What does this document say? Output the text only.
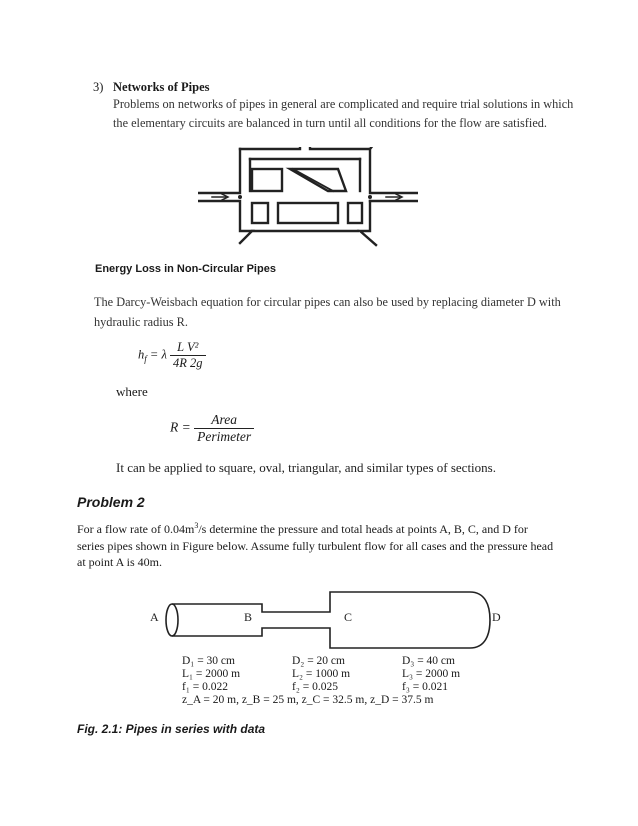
3) Networks of Pipes
Problems on networks of pipes in general are complicated and require trial solutions in which the elementary circuits are balanced in turn until all conditions for the flow are satisfied.
Energy Loss in Non-Circular Pipes
The Darcy-Weisbach equation for circular pipes can also be used by replacing diameter D with hydraulic radius R.
$h_f = \lambda \frac{\text{L V²}}{4R 2g}$
where
$R = \frac{\text{Area}}{\text{Perimeter}}$
It can be applied to square, oval, triangular, and similar types of sections.
Problem 2
For a flow rate of $0.04m^3/s$ determine the pressure and total heads at points A, B, C, and D for series pipes shown in Figure below. Assume fully turbulent flow for all cases and the pressure head at point A is 40m.
A	B	C	D
D₁ = 30 cm	D₂ = 20 cm	D₃ = 40 cm
L₁ = 2000 m	L₂ = 1000 m	L₃ = 2000 m
f₁ = 0.022	f₂ = 0.025	f₃ = 0.021
z_A = 20 m, z_B = 25 m, z_C = 32.5 m, z_D = 37.5 m
Fig. 2.1: Pipes in series with data
